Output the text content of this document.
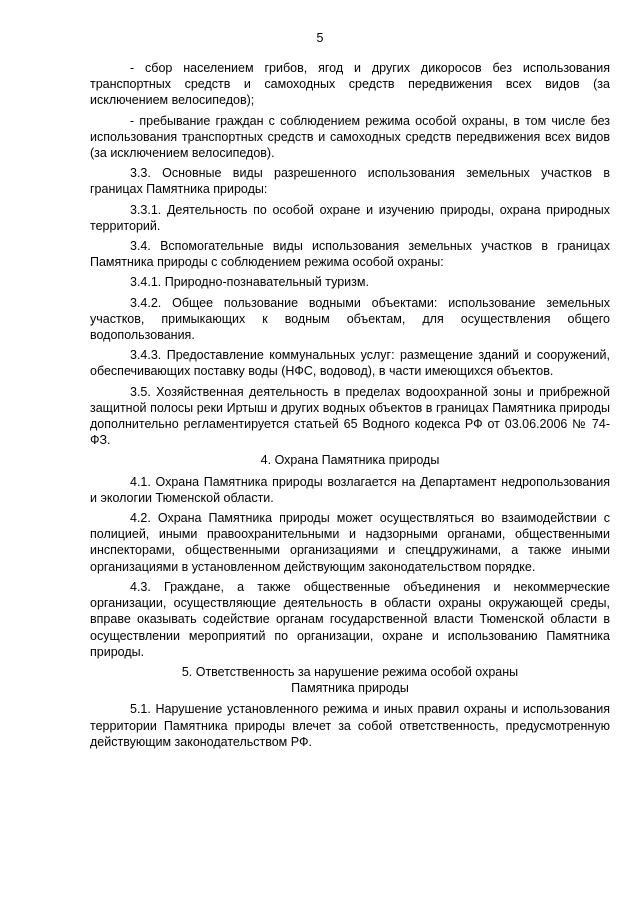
5
- сбор населением грибов, ягод и других дикоросов без использования транспортных средств и самоходных средств передвижения всех видов (за исключением велосипедов);
- пребывание граждан с соблюдением режима особой охраны, в том числе без использования транспортных средств и самоходных средств передвижения всех видов (за исключением велосипедов).
3.3. Основные виды разрешенного использования земельных участков в границах Памятника природы:
3.3.1. Деятельность по особой охране и изучению природы, охрана природных территорий.
3.4. Вспомогательные виды использования земельных участков в границах Памятника природы с соблюдением режима особой охраны:
3.4.1. Природно-познавательный туризм.
3.4.2. Общее пользование водными объектами: использование земельных участков, примыкающих к водным объектам, для осуществления общего водопользования.
3.4.3. Предоставление коммунальных услуг: размещение зданий и сооружений, обеспечивающих поставку воды (НФС, водовод), в части имеющихся объектов.
3.5. Хозяйственная деятельность в пределах водоохранной зоны и прибрежной защитной полосы реки Иртыш и других водных объектов в границах Памятника природы дополнительно регламентируется статьей 65 Водного кодекса РФ от 03.06.2006 № 74-ФЗ.
4. Охрана Памятника природы
4.1. Охрана Памятника природы возлагается на Департамент недропользования и экологии Тюменской области.
4.2. Охрана Памятника природы может осуществляться во взаимодействии с полицией, иными правоохранительными и надзорными органами, общественными инспекторами, общественными организациями и спецдружинами, а также иными организациями в установленном действующим законодательством порядке.
4.3. Граждане, а также общественные объединения и некоммерческие организации, осуществляющие деятельность в области охраны окружающей среды, вправе оказывать содействие органам государственной власти Тюменской области в осуществлении мероприятий по организации, охране и использованию Памятника природы.
5. Ответственность за нарушение режима особой охраны
Памятника природы
5.1. Нарушение установленного режима и иных правил охраны и использования территории Памятника природы влечет за собой ответственность, предусмотренную действующим законодательством РФ.
